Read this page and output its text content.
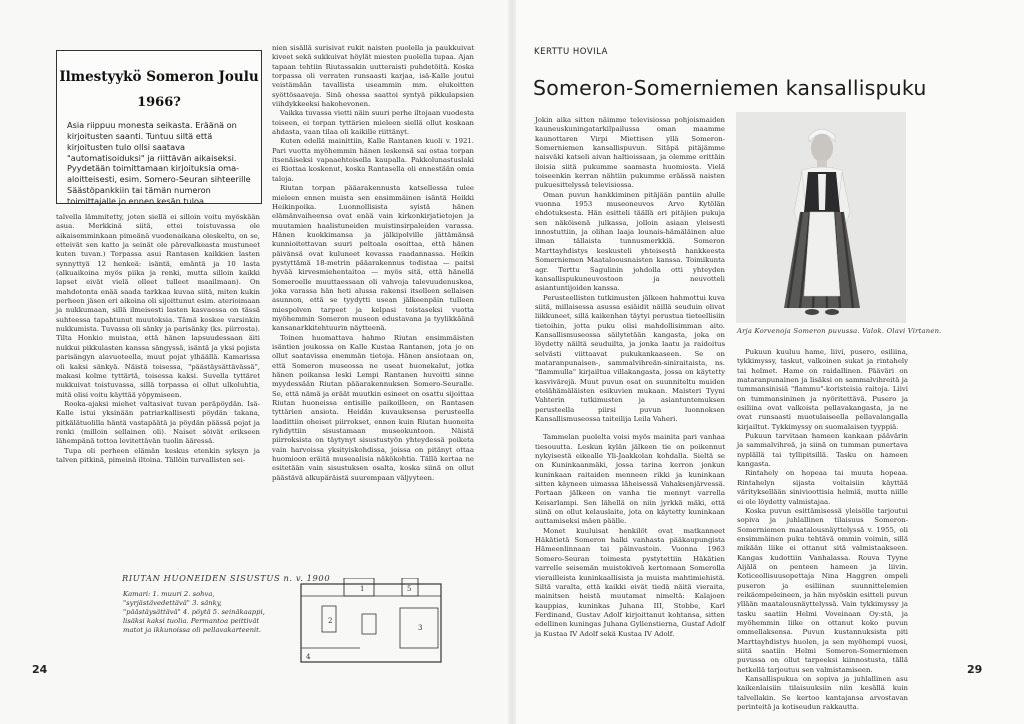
Ilmestyykö Someron Joulu
1966?
Asia riippuu monesta seikasta. Eräänä on kirjoitusten saanti. Tuntuu siltä että kirjoitusten tulo ollsi saatava "automatisoiduksi" ja riittävän aikaiseksi.
Pyydetään toimittamaan kirjoituksia oma-aloitteisesti, esim. Somero-Seuran sihteerille Säästöpankkiin tai tämän numeron toimittajalle jo ennen kesän tuloa.

talvella lämmitetty, joten siellä ei silloin voitu myöskään asua. Merkkinä siitä, ettei toistuvassa ole aikaisemminkaan pimeänä vuodenaikana oleskeltu, on se, etteivät sen katto ja seinät ole pärevalkeasta mustuneet kuten tuvan.) Torpassa asui Rantasen kaikkien lasten synnyttyä 12 henkeä: isäntä, emäntä ja 10 lasta (alkuaikoina myös piika ja renki, mutta silloin kaikki lapset eivät vielä olleet tulleet maailmaan). On mahdotonta enää saada tarkkaa kuvaa siitä, miten kukin perheen jäsen eri aikoina oli sijoittunut esim. aterioimaan ja nukkumaan, sillä ilmeisesti lasten kasvaessa on tässä suhteessa tapahtunut muutoksia. Tämä koskee varsinkin nukkumista. Tuvassa oli sänky ja parisänky (ks. piirrosta). Tilta Honkio muistaa, että hänen lapsuudessaan äiti nukkui pikkulasten kanssa sängyssä, isäntä ja yksi pojista parisängyn alavuoteella, muut pojat ylhäällä. Kamarissa oli kaksi sänkyä. Näistä toisessa, "päästäysättävässä", makasi kolme tyttärtä, toisessa kaksi. Suvella tyttäret nukkuivat toistuvassa, sillä torpassa ei ollut ulkoluhtia, mitä olisi voitu käyttää yöpymiseen.

Rooka-ajaksi miehet valtasivat tuvan peräpöydän. Isä-Kalle istui yksinään patriarkallisesti pöydän takana, pitkälätuolilla häntä vastapäätä ja pöydän päässä pojat ja renki (milloin sellainen oli). Naiset söivät erikseen lähempänä tottoa levitettävän tuolin ääressä.

Tupa oli perheen elämän keskus etenkin syksyn ja talven pitkinä, pimeinä iltoina. Tällöin turvallisten sei-

nien sisällä surisivat rukit naisten puolella ja paukkuivat kiveet sekä sukkuivat höylät miesten puolella tupaa. Ajan tapaan tehtiin Riutassakin uutteraisti puhdetöitä. Koska torpassa oli verraten runsaasti karjaa, isä-Kalle joutui veistämään tavallista useammin mm. elukoitten syöttösaaveja. Sinä ohessa saattoi syntyä pikkulapsien viihdykkeeksi hakohevonen.

Vaikka tuvassa vietti näin suuri perhe iltojaan vuodesta toiseen, ei torpan tyttärien mieleen siellä ollut koskaan ahdasta, vaan tilaa oli kaikille riittänyt.

Kuten edellä mainittiin, Kalle Rantanen kuoli v. 1921. Pari vuotta myöhemmin hänen leskensä sai ostaa torpan itsenäiseksi vapaaehtoisella kaupalla. Pakkolunastuslaki ei Riottaa koskenut, koska Rantasella oli ennestään omia taloja.

Riutan torpan pääarakennusta katsellessa tulee mieleen ennen muista sen ensimmäinen isäntä Heikki Heikinpoika. Luonnollisista syistä hänen elämänvaiheensa ovat enää vain kirkonkirjatietojen ja muutamien haalistuneiden muistinsirpaleiden varassa. Hänen kuokkimansa ja jälkipolville jättämänsä kunnioitettavan suuri peltoala osoittaa, että hänen päivänsä ovat kuluneet kovassa raadannassa. Heikin pystyttämä 18-metrin pääarakennus todistaa — paitsi hyvää kirvesmiehentaitoa — myös sitä, että hänellä Someroelle muuttaessaan oli vahvoja talevuudenuskoa, joka varassa hän heti alussa rakensi itselleen sellaisen asunnon, että se tyydytti usean jälkeenpäin tulleen miespolven tarpeet ja kelpasi toistaseksi vuotta myöhemmin Someron museon edustavana ja tyylikkäänä kansanarkkitehtuurin näytteenä.

Toinen huomattava hahmo Riutan ensimmäisten isäntien joukossa on Kalle Kustaa Rantanen, jota jo on ollut saatavissa enemmän tietoja. Hänen ansiotaan on, että Someron museossa ne useat huonekalut, jotka hänen poikansa leski Lempi Rantanen huvoitti sinne myydessään Riutan pääarakennuksen Somero-Seuralle. Se, että nämä ja eräät muutkin esineet on osattu sijoittaa Riutan huoneissa entisille paikoilleen, on Rantasen tyttärien ansiota. Heidän kuvauksensa perusteella laadittiin oheiset piirrokset, ennen kuin Riutan huoneita ryhdyttiin sisustamaan museokuntoon. Näistä piirroksista on täytynyt sisustustyön yhteydessä poiketa vain harvoissa yksityiskohdissa, joissa on pitänyt ottaa huomioon eräitä museaalisia näkökohtia. Tällä kertaa ne esitetään vain sisustuksen osalta, koska siinä on ollut päästävä alkupäräistä suurempaan väljyyteen.

RIUTAN HUONEIDEN SISUSTUS n. v. 1900
Kamari: 1. muuri 2. sohva, "syrjästävedettävä" 3. sänky, "päästäysättävä" 4. pöytä 5. seinäkaappi, lisäksi kaksi tuolia. Permantoa peittivät matot ja ikkunoissa oli pellavakarteenit.
1
2
3
4
5
24
KERTTU HOVILA
Someron-Somerniemen kansallispuku

Jokin aika sitten näimme televisiossa pohjoismaiden kauneuskuningatarkilpailussa oman maamme kaunottaren Virpi Miettisen yllä Someron-Somerniemen kansallispuvun. Sitäpä pitäjämme naisväki katseli aivan haltioissaan, ja olemme erittäin iloisia siitä pukumme saamasta huomiosta. Vielä toiseenkin kerran nähtiin pukumme eräässä naisten pukuesittelyssä televisiossa.

Oman puvun hankkiminen pitäjään pantiin alulle vuonna 1953 museoneuvos Arvo Kytölän ehdotuksesta. Hän esitteli täällä eri pitäjien pukuja sen näköisenä julkassa, jolloin asiaan yleisesti innostuttiin, ja olihan laaja lounais-hämäläinen alue ilman tällaista tunnusmerkkiä. Someron Marttayhdistys keskusteli yhteisestä hankkeesta Somerniemen Maataloousnaisten kanssa. Toimikunta agr. Terttu Sagulinin johdolla otti yhteyden kansallispukuneuvostoon ja neuvotteli asiantuntijoiden kanssa.

Perusteellisten tutkimusten jälkeen hahmottui kuva siitä, millaisessa asussa esiäidit näillä seuduin olivat liikkuneet, sillä kaikenhan täytyi perustua tieteellisiin tietoihin, jotta puku olisi mahdollisimman aito. Kansallismuseossa säilytetään kangasta, joka on löydetty näiltä seuduilta, ja jonka laatu ja raidoitus selvästi viittaavat pukukankaaseen. Se on mataranpunaisen-, sammalvihreän-siniraitaista, ns. "flammulla" kirjailtua villakangasta, jossa on käytetty kasvivärejä. Muut puvun osat on suunniteltu muiden etelähämäläisten esikuvien mukaan. Maisteri Tyyni Vahterin tutkimusten ja asiantuntemuksen perusteella piirsi puvun luonnoksen Kansallismuseossa taiteilija Leila Vaheri.

Tammelan puolelta voisi myös mainita pari vanhaa tiesouutta. Leskun kylän jälkeen tie on poikennut nykyisestä eikealle Yli-Jaakkolan kohdalla. Sieltä se on Kuninkaanmäki, jossa tarina kerron jonkun kuninkaan raitaiden menneen rikki ja kuninkaan sitten käyneen uimassa läheisessä Vahaksenjärvessä. Portaan jälkeen on vanha tie mennyt varrella Keisarlampi. Sen lähellä on niin jyrkkä mäki, että siinä on ollut kelauslaite, jota on käytetty kuninkaan auttamiseksi mäen päälle.

Monet kuuluisat henkilöt ovat matkanneet Häkätietä Someron halki vanhasta pääkaupungista Hämeenlinnaan tai päinvastoin. Vuonna 1963 Somero-Seuran toimesta pystytettiin Häkätien varrelle seisemän muistokiveä kertomaan Somerolla vierailleista kuninkaallisista ja muista mahtimiehistä. Siltä varalta, että kaikki eivät tiedä näitä vieraita, mainitsen heistä muutamat nimeltä: Kalajoen kauppias, kuninkas Juhana III, Stobbe, Karl Ferdinand, Gustav Adolf kirjoittanut kohtansa, sitten edellinen kuningas Juhana Gyllenstierna, Gustaf Adolf ja Kustaa IV Adolf sekä Kustaa IV Adolf.

Arja Korvenoja Someron puvussa. Valok. Olavi Virtanen.

Pukuun kuuluu hame, liivi, pusero, esiliina, tykkimyssy, taskut, valkoinen sukat ja rintahely tai helmet. Hame on raidallinen. Pääväri on mataranpunainen ja lisäksi on sammalvihreitä ja tummansinisiä "flammu"-koristeisia raitoja. Liivi on tummansininen ja nyöritettävä. Pusero ja esiliina ovat valkoista pellavakangasta, ja ne ovat runsaasti muotulaiseella pellavalangalla kirjailtut. Tykkimyssy on suomalaisen tyyppiä.

Pukuun tarvitaan hameen kankaan päävärin ja sammalvihreä, ja siinä on tumman punertava nyplällä tai tyllipitsillä. Tasku on hameen kangasta.

Rintahely on hopeaa tai muuta hopeaa. Rintahelyn sijasta voitaisiin käyttää värityksellään sinivioottisia helmiä, mutta niille ei ole löydetty valmistajaa.

Koska puvun esittämisessä yleisölle tarjoutui sopiva ja juhlallinen tilaisuus Someron-Somerniemen maatalousnäyttelyssä v. 1955, oli ensimmäinen puku tehtävä ommin voimin, sillä mikään liike ei ottanut sitä valmistaakseen. Kangas kudottiin Vanhalassa. Rouva Tyyne Aijälä on penteen hameen ja liivin. Koticeollisuusopettaja Nina Haggren ompeli puseron ja esiliinan suunnittelemien reikäompeleineen, ja hän myöskin esitteli puvun yllään maatalousnäyttelyssä. Vain tykkimyssy ja tasku saatiin Helmi Voveinaan Oy:stä, ja myöhemmin liike on ottanut koko puvun ommellaksensa. Puvun kustannuksista piti Marttayhdistys huolen, ja sen myöhempi vuosi, siitä saatiin Helmi Someron-Somerniemen puvussa on ollut tarpeeksi kiinnostusta, tällä hetkellä tarjoutuu sen valmistamiseen.

Kansallispukua on sopiva ja juhlallinen asu kaikenlaisiin tilaisuuksiin niin kesällä kuin talvellakin. Se kertoo kantajansa arvostavan perinteitä ja kotiseudun rakkautta.

29
